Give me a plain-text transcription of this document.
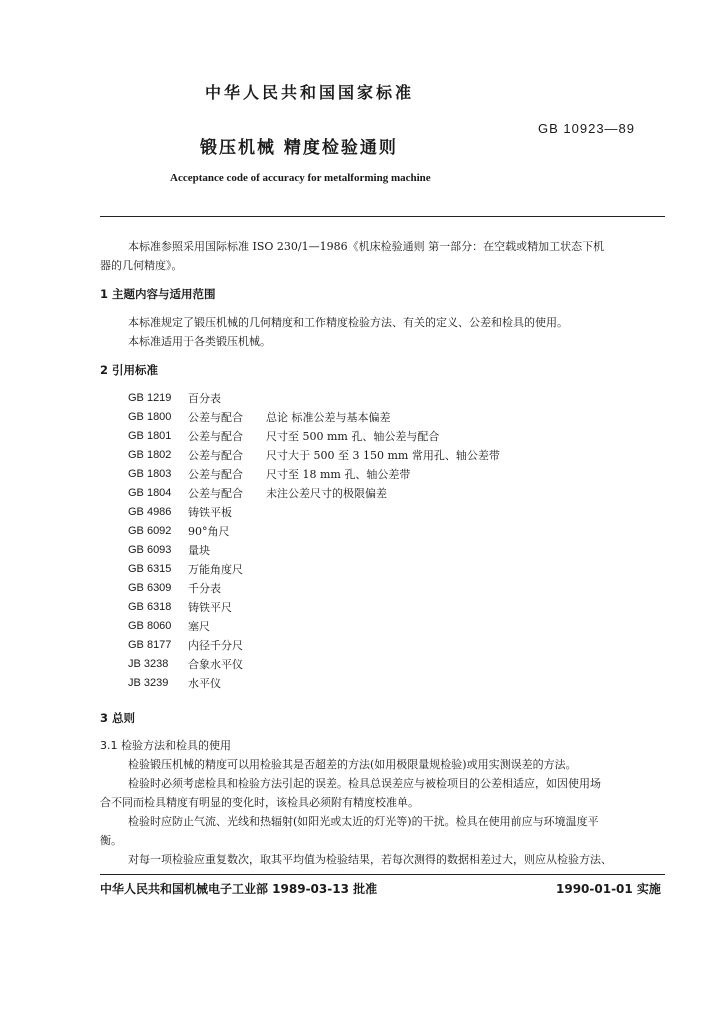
中华人民共和国国家标准
GB 10923—89
锻压机械 精度检验通则
Acceptance code of accuracy for metalforming machine
本标准参照采用国际标准 ISO 230/1—1986《机床检验通则 第一部分：在空载或精加工状态下机
器的几何精度》。
1 主题内容与适用范围
本标准规定了锻压机械的几何精度和工作精度检验方法、有关的定义、公差和检具的使用。
本标准适用于各类锻压机械。
2 引用标准
GB 1219	百分表
GB 1800	公差与配合	总论 标准公差与基本偏差
GB 1801	公差与配合	尺寸至 500 mm 孔、轴公差与配合
GB 1802	公差与配合	尺寸大于 500 至 3 150 mm 常用孔、轴公差带
GB 1803	公差与配合	尺寸至 18 mm 孔、轴公差带
GB 1804	公差与配合	未注公差尺寸的极限偏差
GB 4986	铸铁平板
GB 6092	90°角尺
GB 6093	量块
GB 6315	万能角度尺
GB 6309	千分表
GB 6318	铸铁平尺
GB 8060	塞尺
GB 8177	内径千分尺
JB 3238	合象水平仪
JB 3239	水平仪
3 总则
3.1 检验方法和检具的使用
检验锻压机械的精度可以用检验其是否超差的方法(如用极限量规检验)或用实测误差的方法。
检验时必须考虑检具和检验方法引起的误差。检具总误差应与被检项目的公差相适应，如因使用场
合不同而检具精度有明显的变化时，该检具必须附有精度校准单。
检验时应防止气流、光线和热辐射(如阳光或太近的灯光等)的干扰。检具在使用前应与环境温度平
衡。
对每一项检验应重复数次，取其平均值为检验结果，若每次测得的数据相差过大，则应从检验方法、
中华人民共和国机械电子工业部 1989-03-13 批准	1990-01-01 实施
